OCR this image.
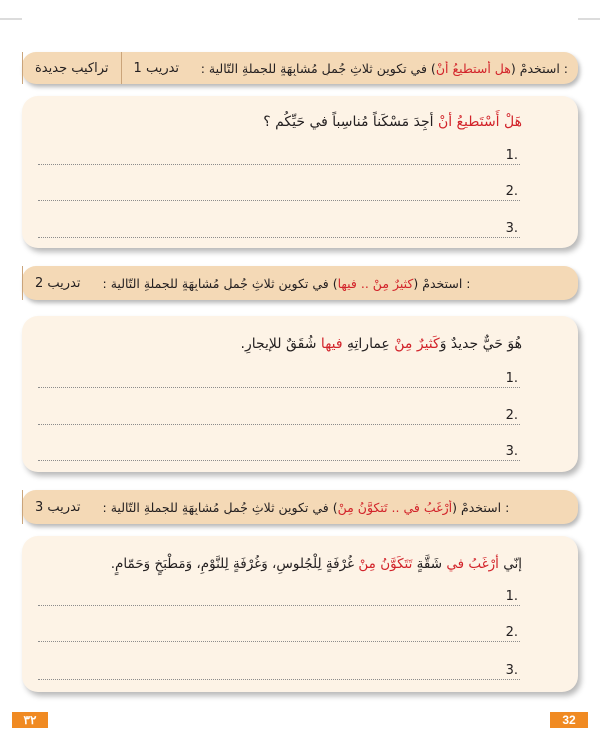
تراكيب جديدة	تدريب 1	: استخدمْ (هل أستطيعُ أنْ) في تكوينِ ثلاثِ جُملٍ مُشابِهَةٍ للجملةِ التّالية :
هَلْ أَسْتَطيعُ أنْ أجِدَ مَسْكَناً مُناسِباً في حَيِّكُم ؟
1.
2.
3.
تدريب 2	: استخدمْ (كثيرٌ مِنْ .. فيها) في تكوينِ ثلاثِ جُملٍ مُشابِهَةٍ للجملةِ التّالية :
هُوَ حَيٌّ جديدٌ وَكَثيرٌ مِنْ عِماراتِهِ فيها شُقَقٌ للإيجارِ.
1.
2.
3.
تدريب 3	: استخدمْ (أرْغَبُ في .. تَتكوَّنُ مِنْ) في تكوينِ ثلاثِ جُملٍ مُشابِهَةٍ للجملةِ التّالية :
إنّي أرْغَبُ في شَقَّةٍ تَتَكَوَّنُ مِنْ غُرْفَةٍ لِلْجُلوسِ، وَغُرْفَةٍ لِلنَّوْمِ، وَمَطْبَخٍ وَحَمّامٍ.
1.
2.
3.
٣٢	32
